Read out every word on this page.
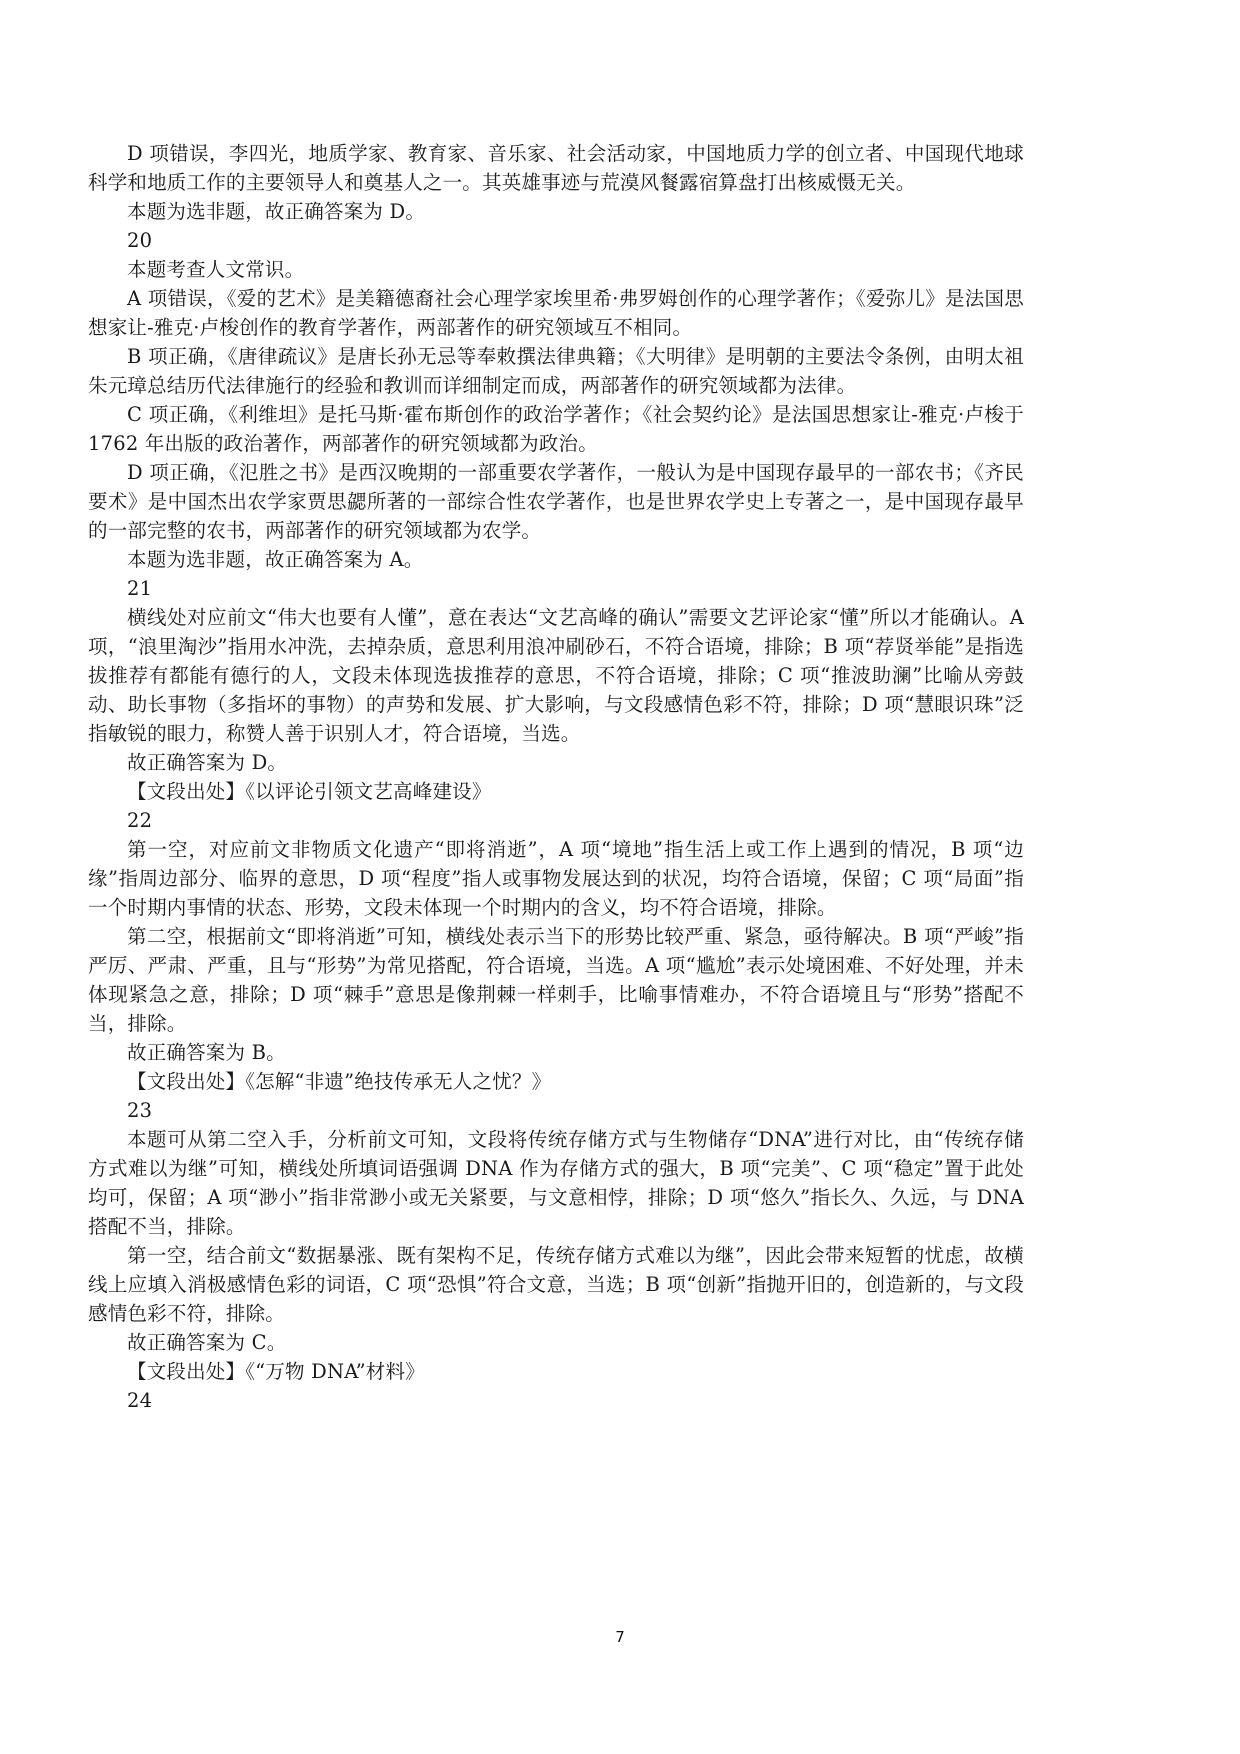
D 项错误，李四光，地质学家、教育家、音乐家、社会活动家，中国地质力学的创立者、中国现代地球科学和地质工作的主要领导人和奠基人之一。其英雄事迹与荒漠风餐露宿算盘打出核威慑无关。

本题为选非题，故正确答案为 D。
20
本题考查人文常识。

A 项错误，《爱的艺术》是美籍德裔社会心理学家埃里希·弗罗姆创作的心理学著作；《爱弥儿》是法国思想家让-雅克·卢梭创作的教育学著作，两部著作的研究领域互不相同。

B 项正确，《唐律疏议》是唐长孙无忌等奉敕撰法律典籍；《大明律》是明朝的主要法令条例，由明太祖朱元璋总结历代法律施行的经验和教训而详细制定而成，两部著作的研究领域都为法律。

C 项正确，《利维坦》是托马斯·霍布斯创作的政治学著作；《社会契约论》是法国思想家让-雅克·卢梭于 1762 年出版的政治著作，两部著作的研究领域都为政治。

D 项正确，《氾胜之书》是西汉晚期的一部重要农学著作，一般认为是中国现存最早的一部农书；《齐民要术》是中国杰出农学家贾思勰所著的一部综合性农学著作，也是世界农学史上专著之一，是中国现存最早的一部完整的农书，两部著作的研究领域都为农学。

本题为选非题，故正确答案为 A。
21

横线处对应前文“伟大也要有人懂”，意在表达“文艺高峰的确认”需要文艺评论家“懂”所以才能确认。A 项，“浪里淘沙”指用水冲洗，去掉杂质，意思利用浪冲刷砂石，不符合语境，排除；B 项“荐贤举能”是指选拔推荐有都能有德行的人，文段未体现选拔推荐的意思，不符合语境，排除；C 项“推波助澜”比喻从旁鼓动、助长事物（多指坏的事物）的声势和发展、扩大影响，与文段感情色彩不符，排除；D 项“慧眼识珠”泛指敏锐的眼力，称赞人善于识别人才，符合语境，当选。

故正确答案为 D。
【文段出处】《以评论引领文艺高峰建设》
22

第一空，对应前文非物质文化遗产“即将消逝”，A 项“境地”指生活上或工作上遇到的情况，B 项“边缘”指周边部分、临界的意思，D 项“程度”指人或事物发展达到的状况，均符合语境，保留；C 项“局面”指一个时期内事情的状态、形势，文段未体现一个时期内的含义，均不符合语境，排除。

第二空，根据前文“即将消逝”可知，横线处表示当下的形势比较严重、紧急，亟待解决。B 项“严峻”指严厉、严肃、严重，且与“形势”为常见搭配，符合语境，当选。A 项“尴尬”表示处境困难、不好处理，并未体现紧急之意，排除；D 项“棘手”意思是像荆棘一样刺手，比喻事情难办，不符合语境且与“形势”搭配不当，排除。

故正确答案为 B。
【文段出处】《怎解“非遗”绝技传承无人之忧？》
23

本题可从第二空入手，分析前文可知，文段将传统存储方式与生物储存“DNA”进行对比，由“传统存储方式难以为继”可知，横线处所填词语强调 DNA 作为存储方式的强大，B 项“完美”、C 项“稳定”置于此处均可，保留；A 项“渺小”指非常渺小或无关紧要，与文意相悖，排除；D 项“悠久”指长久、久远，与 DNA 搭配不当，排除。

第一空，结合前文“数据暴涨、既有架构不足，传统存储方式难以为继”，因此会带来短暂的忧虑，故横线上应填入消极感情色彩的词语，C 项“恐惧”符合文意，当选；B 项“创新”指抛开旧的，创造新的，与文段感情色彩不符，排除。

故正确答案为 C。
【文段出处】《“万物 DNA”材料》
24
7
